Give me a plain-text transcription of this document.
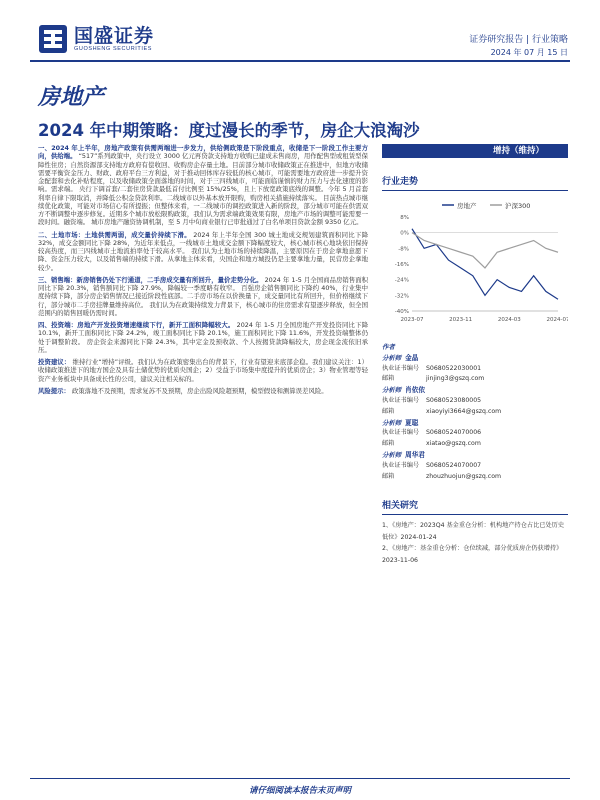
国盛证券
GUOSHENG SECURITIES
证券研究报告 | 行业策略
2024 年 07 月 15 日
房地产
2024 年中期策略：度过漫长的季节，房企大浪淘沙
一、2024 年上半年，房地产政策有供需两端进一步发力，供给侧政策是下阶段重点，收储是下一阶段工作主要方向，供给端。 “517”系列政策中，央行设立 3000 亿元再贷款支持地方收购已建成未售商房，用作配售型或租赁型保障性住房；自然资源部支持地方政府有偿收回、收购房企存量土地。目前部分城市收储政策正在推进中，但地方收储需要平衡资金压力、财政、政府平台三方利益，对于推动回体库存较低的核心城市，可能需要地方政府进一步提升资金配套和去化补贴程度，以及收储政策全面落地的时间，对于三四线城市，可能面临谨慎的财力压力与去化速度的影响。需求端。 央行下调首套/二套住房贷款最低首付比例至 15%/25%，且上下放宽政策底线的调整。今年 5 月首套利率自律下限取消，并降低公积金贷款利率。二线城市以外基本放开限购，购房相关措施持续落实。 目前热点城市继续优化政策，可能对市场信心有所提振；但整体来看，一二线城市的调控政策进入新的阶段，部分城市可能在供需双方不断调整中逐步修复。近期多个城市放松限购政策，我们认为需求端政策效果有限，房地产市场的调整可能需要一段时间。融资端。 城市房地产融资协调机制，至 5 月中旬商业银行已审批通过了白名单项目贷款金额 9350 亿元。
二、土地市场：土地供需两弱，成交量价持续下滑。 2024 年上半年全国 300 城土地成交规划建筑面积同比下降 32%，成交金额同比下降 28%，为近年来低点，一线城市土地成交金额下降幅度较大，核心城市核心地块依旧保持较高热度，而三四线城市土地流拍率处于较高水平。 我们认为土地市场的持续降温，主要原因在于房企拿地意愿下降、资金压力较大，以及销售端的持续下滑。从拿地主体来看，央国企和地方城投仍是主要拿地力量，民营房企拿地较少。
三、销售端：新房销售仍处下行通道，二手房成交量有所回升，量价走势分化。 2024 年 1-5 月全国商品房销售面积同比下降 20.3%，销售额同比下降 27.9%，降幅较一季度略有收窄。 百强房企销售额同比下降约 40%，行业集中度持续下降，部分房企销售情况已接近阶段性底部。二手房市场在以价换量下，成交量同比有所回升，但价格继续下行，部分城市二手房挂牌量维持高位。 我们认为在政策持续发力背景下，核心城市的住房需求有望逐步释放，但全国范围内的销售回暖仍需时间。
四、投资端：房地产开发投资增速继续下行，新开工面积降幅较大。 2024 年 1-5 月全国房地产开发投资同比下降 10.1%，新开工面积同比下降 24.2%，竣工面积同比下降 20.1%，施工面积同比下降 11.6%，开发投资端整体仍处于调整阶段。 房企资金来源同比下降 24.3%，其中定金及预收款、个人按揭贷款降幅较大，房企现金流依旧承压。
投资建议： 维持行业“增持”评级。我们认为在政策密集出台的背景下，行业有望迎来底部企稳。我们建议关注：1）收储政策推进下的地方国企及具有土储优势的优质央国企；2）受益于市场集中度提升的优质房企；3）物业管理等轻资产业务板块中具备成长性的公司，建议关注相关标的。
风险提示： 政策落地不及预期，需求复苏不及预期，房企出险风险超预期，模型假设和测算误差风险。
增持（维持）
行业走势
房地产	沪深300
8%
0%
-8%
-16%
-24%
-32%
-40%
2023-07	2023-11	2024-03	2024-07
作者
分析师 金晶
执业证书编号 S0680522030001
邮箱	jinjing3@gszq.com
分析师 肖依依
执业证书编号 S0680523080005
邮箱	xiaoyiyi3664@gszq.com
分析师 夏聪
执业证书编号 S0680524070006
邮箱	xiatao@gszq.com
分析师 周华君
执业证书编号 S0680524070007
邮箱	zhouzhuojun@gszq.com
相关研究
1、《房地产：2023Q4 基金重仓分析：机构地产持仓占比已处历史低位》2024-01-24
2、《房地产：基金重仓分析：仓位续减，部分优质房企仍获增持》2023-11-06
请仔细阅读本报告末页声明
